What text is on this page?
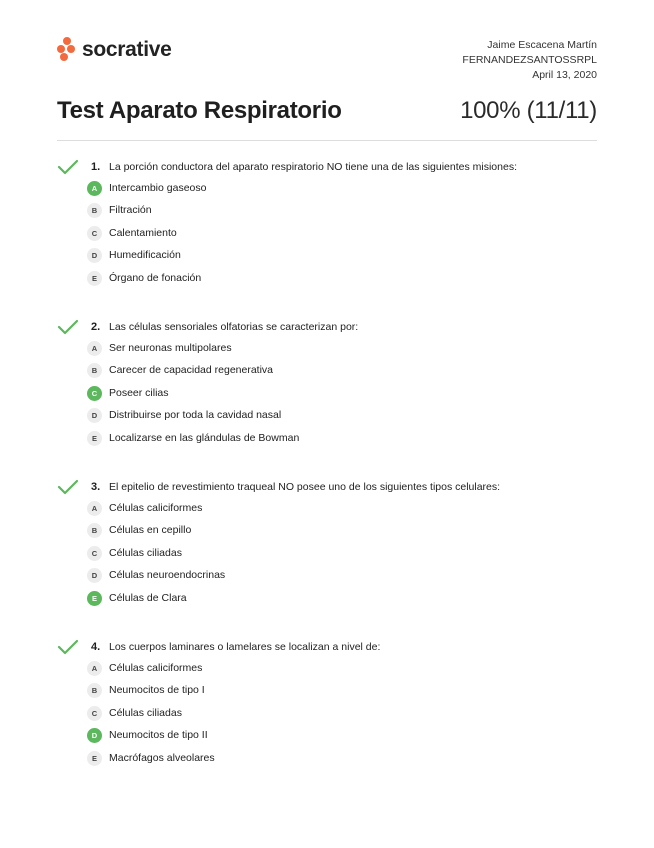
socrative	Jaime Escacena Martín
FERNANDEZSANTOSSRPL
April 13, 2020
Test Aparato Respiratorio	100% (11/11)
1. La porción conductora del aparato respiratorio NO tiene una de las siguientes misiones:
A	Intercambio gaseoso
B	Filtración
C	Calentamiento
D	Humedificación
E	Órgano de fonación
2. Las células sensoriales olfatorias se caracterizan por:
A	Ser neuronas multipolares
B	Carecer de capacidad regenerativa
C	Poseer cilias
D	Distribuirse por toda la cavidad nasal
E	Localizarse en las glándulas de Bowman
3. El epitelio de revestimiento traqueal NO posee uno de los siguientes tipos celulares:
A	Células caliciformes
B	Células en cepillo
C	Células ciliadas
D	Células neuroendocrinas
E	Células de Clara
4. Los cuerpos laminares o lamelares se localizan a nivel de:
A	Células caliciformes
B	Neumocitos de tipo I
C	Células ciliadas
D	Neumocitos de tipo II
E	Macrófagos alveolares
